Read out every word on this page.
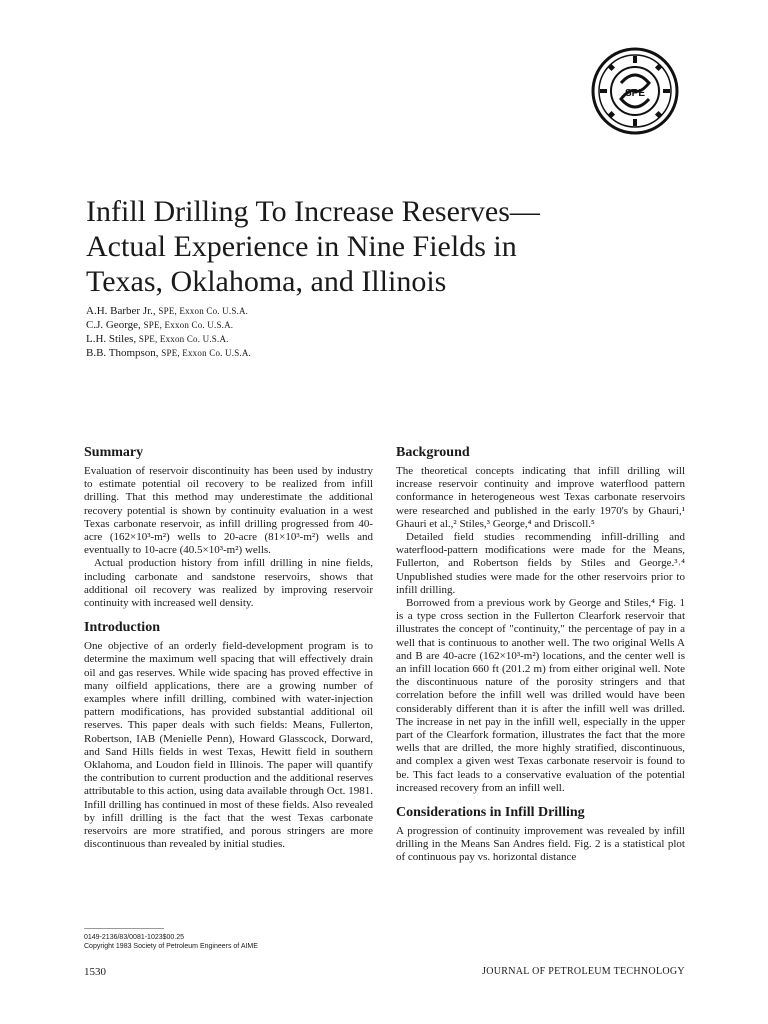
SPE
Infill Drilling To Increase Reserves—
Actual Experience in Nine Fields in
Texas, Oklahoma, and Illinois
A.H. Barber Jr., SPE, Exxon Co. U.S.A.
C.J. George, SPE, Exxon Co. U.S.A.
L.H. Stiles, SPE, Exxon Co. U.S.A.
B.B. Thompson, SPE, Exxon Co. U.S.A.
Summary

Evaluation of reservoir discontinuity has been used by industry to estimate potential oil recovery to be realized from infill drilling. That this method may underestimate the additional recovery potential is shown by continuity evaluation in a west Texas carbonate reservoir, as infill drilling progressed from 40-acre (162×10³-m²) wells to 20-acre (81×10³-m²) wells and eventually to 10-acre (40.5×10³-m²) wells.

Actual production history from infill drilling in nine fields, including carbonate and sandstone reservoirs, shows that additional oil recovery was realized by improving reservoir continuity with increased well density.

Introduction

One objective of an orderly field-development program is to determine the maximum well spacing that will effectively drain oil and gas reserves. While wide spacing has proved effective in many oilfield applications, there are a growing number of examples where infill drilling, combined with water-injection pattern modifications, has provided substantial additional oil reserves. This paper deals with such fields: Means, Fullerton, Robertson, IAB (Menielle Penn), Howard Glasscock, Dorward, and Sand Hills fields in west Texas, Hewitt field in southern Oklahoma, and Loudon field in Illinois. The paper will quantify the contribution to current production and the additional reserves attributable to this action, using data available through Oct. 1981. Infill drilling has continued in most of these fields. Also revealed by infill drilling is the fact that the west Texas carbonate reservoirs are more stratified, and porous stringers are more discontinuous than revealed by initial studies.

Background

The theoretical concepts indicating that infill drilling will increase reservoir continuity and improve waterflood pattern conformance in heterogeneous west Texas carbonate reservoirs were researched and published in the early 1970's by Ghauri,¹ Ghauri et al.,² Stiles,³ George,⁴ and Driscoll.⁵

Detailed field studies recommending infill-drilling and waterflood-pattern modifications were made for the Means, Fullerton, and Robertson fields by Stiles and George.³˒⁴ Unpublished studies were made for the other reservoirs prior to infill drilling.

Borrowed from a previous work by George and Stiles,⁴ Fig. 1 is a type cross section in the Fullerton Clearfork reservoir that illustrates the concept of "continuity," the percentage of pay in a well that is continuous to another well. The two original Wells A and B are 40-acre (162×10³-m²) locations, and the center well is an infill location 660 ft (201.2 m) from either original well. Note the discontinuous nature of the porosity stringers and that correlation before the infill well was drilled would have been considerably different than it is after the infill well was drilled. The increase in net pay in the infill well, especially in the upper part of the Clearfork formation, illustrates the fact that the more wells that are drilled, the more highly stratified, discontinuous, and complex a given west Texas carbonate reservoir is found to be. This fact leads to a conservative evaluation of the potential increased recovery from an infill well.

Considerations in Infill Drilling

A progression of continuity improvement was revealed by infill drilling in the Means San Andres field. Fig. 2 is a statistical plot of continuous pay vs. horizontal distance

0149-2136/83/0081-1023$00.25
Copyright 1983 Society of Petroleum Engineers of AIME
1530	JOURNAL OF PETROLEUM TECHNOLOGY
